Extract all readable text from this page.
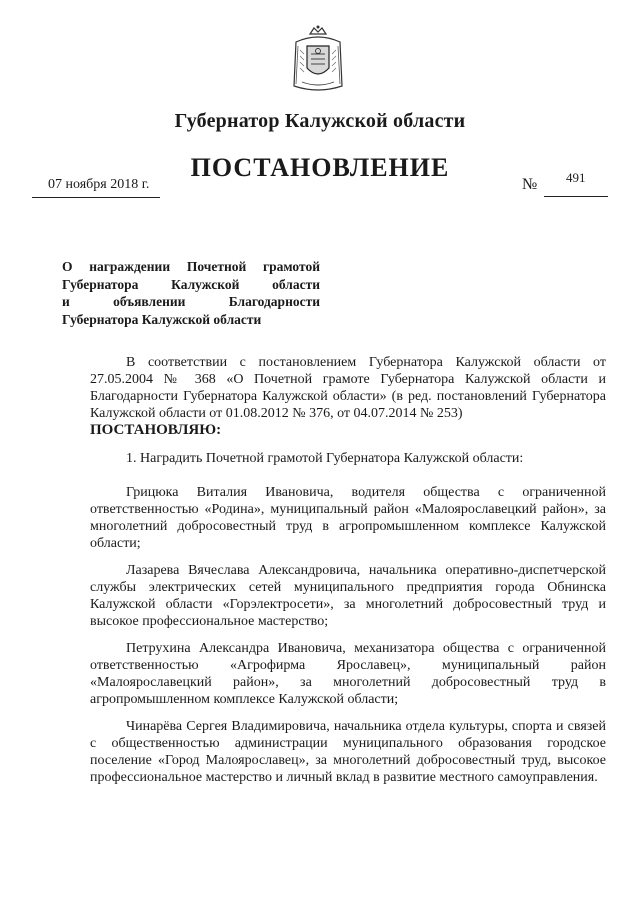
Губернатор Калужской области
ПОСТАНОВЛЕНИЕ
07 ноября 2018 г.	№ 491
О награждении Почетной грамотой
Губернатора Калужской области
и объявлении Благодарности
Губернатора Калужской области

В соответствии с постановлением Губернатора Калужской области от 27.05.2004 № 368 «О Почетной грамоте Губернатора Калужской области и Благодарности Губернатора Калужской области» (в ред. постановлений Губернатора Калужской области от 01.08.2012 № 376, от 04.07.2014 № 253)

ПОСТАНОВЛЯЮ:

1. Наградить Почетной грамотой Губернатора Калужской области:

Грицюка Виталия Ивановича, водителя общества с ограниченной ответственностью «Родина», муниципальный район «Малоярославецкий район», за многолетний добросовестный труд в агропромышленном комплексе Калужской области;

Лазарева Вячеслава Александровича, начальника оперативно-диспетчерской службы электрических сетей муниципального предприятия города Обнинска Калужской области «Горэлектросети», за многолетний добросовестный труд и высокое профессиональное мастерство;

Петрухина Александра Ивановича, механизатора общества с ограниченной ответственностью «Агрофирма Ярославец», муниципальный район «Малоярославецкий район», за многолетний добросовестный труд в агропромышленном комплексе Калужской области;

Чинарёва Сергея Владимировича, начальника отдела культуры, спорта и связей с общественностью администрации муниципального образования городское поселение «Город Малоярославец», за многолетний добросовестный труд, высокое профессиональное мастерство и личный вклад в развитие местного самоуправления.
